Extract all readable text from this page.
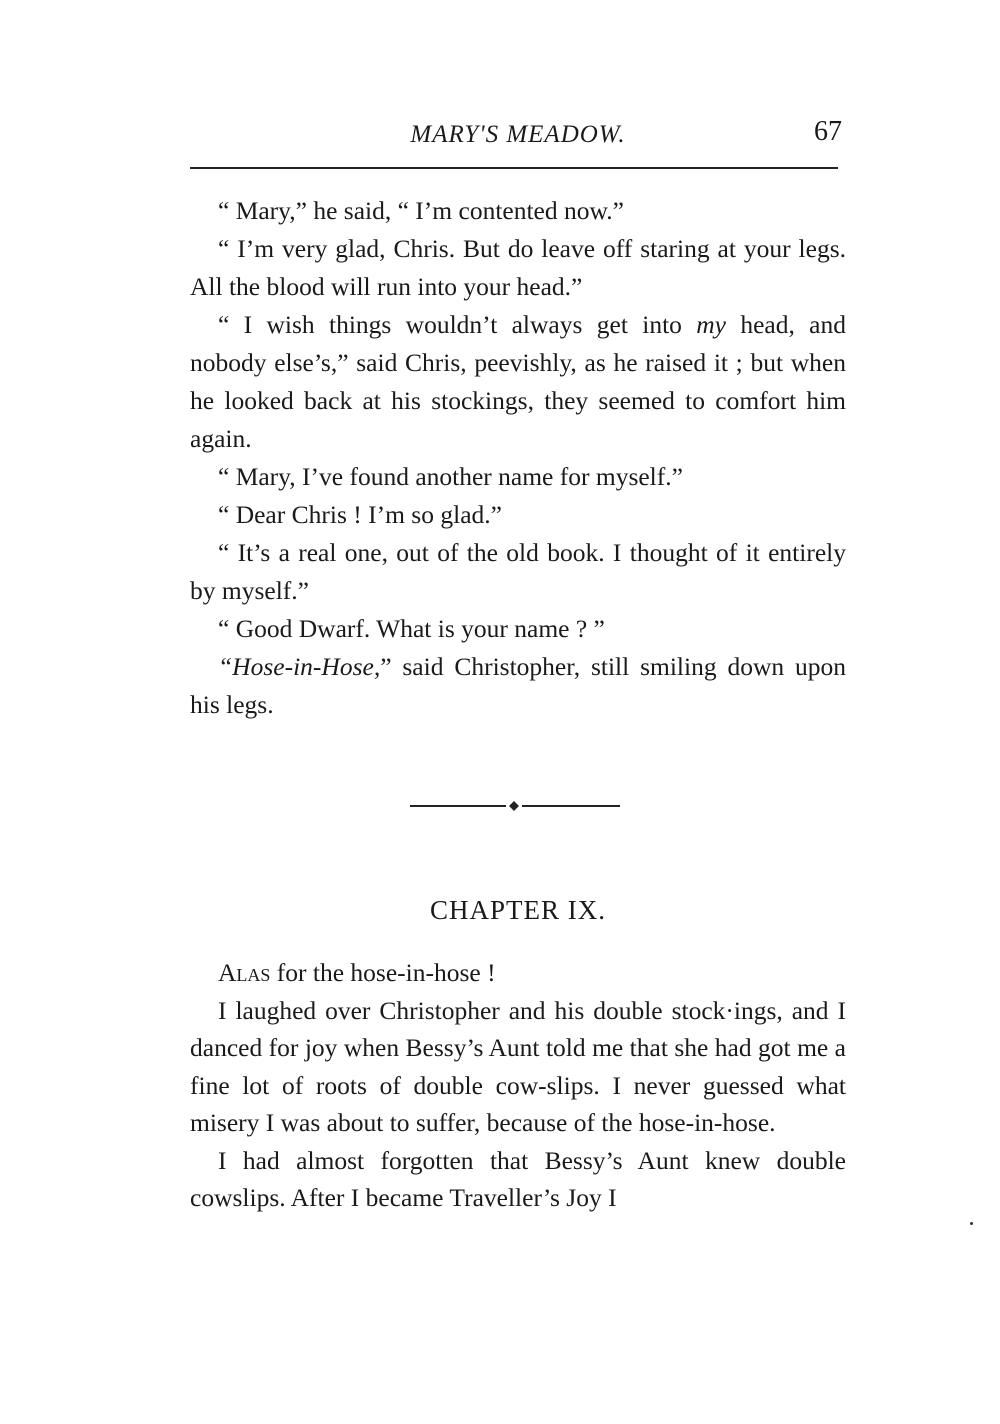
MARY'S MEADOW.	67

“ Mary,” he said, “ I’m contented now.”

“ I’m very glad, Chris. But do leave off staring at your legs. All the blood will run into your head.”

“ I wish things wouldn’t always get into my head, and nobody else’s,” said Chris, peevishly, as he raised it ; but when he looked back at his stockings, they seemed to comfort him again.

“ Mary, I’ve found another name for myself.”

“ Dear Chris ! I’m so glad.”

“ It’s a real one, out of the old book. I thought of it entirely by myself.”

“ Good Dwarf. What is your name ? ”

“Hose-in-Hose,” said Christopher, still smiling down upon his legs.

CHAPTER IX.

Alas for the hose-in-hose !

I laughed over Christopher and his double stock·ings, and I danced for joy when Bessy’s Aunt told me that she had got me a fine lot of roots of double cow-slips. I never guessed what misery I was about to suffer, because of the hose-in-hose.

I had almost forgotten that Bessy’s Aunt knew double cowslips. After I became Traveller’s Joy I
